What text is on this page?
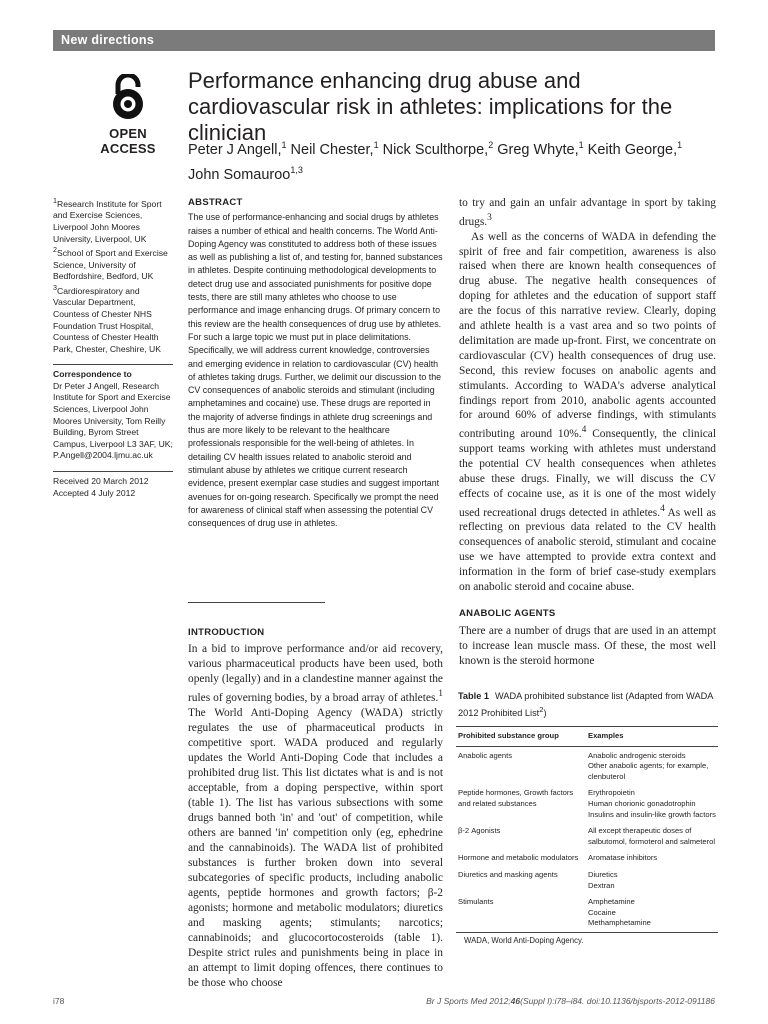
New directions
OPEN ACCESS
Performance enhancing drug abuse and cardiovascular risk in athletes: implications for the clinician
Peter J Angell,$^1$ Neil Chester,$^1$ Nick Sculthorpe,$^2$ Greg Whyte,$^1$ Keith George,$^1$
John Somauroo$^{1,3}$

$^1$Research Institute for Sport and Exercise Sciences, Liverpool John Moores University, Liverpool, UK

$^2$School of Sport and Exercise Science, University of Bedfordshire, Bedford, UK

$^3$Cardiorespiratory and Vascular Department, Countess of Chester NHS Foundation Trust Hospital, Countess of Chester Health Park, Chester, Cheshire, UK

Correspondence to

Dr Peter J Angell, Research Institute for Sport and Exercise Sciences, Liverpool John Moores University, Tom Reilly Building, Byrom Street Campus, Liverpool L3 3AF, UK; P.Angell@2004.ljmu.ac.uk

Received 20 March 2012

Accepted 4 July 2012

ABSTRACT

The use of performance-enhancing and social drugs by athletes raises a number of ethical and health concerns. The World Anti-Doping Agency was constituted to address both of these issues as well as publishing a list of, and testing for, banned substances in athletes. Despite continuing methodological developments to detect drug use and associated punishments for positive dope tests, there are still many athletes who choose to use performance and image enhancing drugs. Of primary concern to this review are the health consequences of drug use by athletes. For such a large topic we must put in place delimitations. Specifically, we will address current knowledge, controversies and emerging evidence in relation to cardiovascular (CV) health of athletes taking drugs. Further, we delimit our discussion to the CV consequences of anabolic steroids and stimulant (including amphetamines and cocaine) use. These drugs are reported in the majority of adverse findings in athlete drug screenings and thus are more likely to be relevant to the healthcare professionals responsible for the well-being of athletes. In detailing CV health issues related to anabolic steroid and stimulant abuse by athletes we critique current research evidence, present exemplar case studies and suggest important avenues for on-going research. Specifically we prompt the need for awareness of clinical staff when assessing the potential CV consequences of drug use in athletes.

INTRODUCTION

In a bid to improve performance and/or aid recovery, various pharmaceutical products have been used, both openly (legally) and in a clandestine manner against the rules of governing bodies, by a broad array of athletes.$^1$ The World Anti-Doping Agency (WADA) strictly regulates the use of pharmaceutical products in competitive sport. WADA produced and regularly updates the World Anti-Doping Code that includes a prohibited drug list. This list dictates what is and is not acceptable, from a doping perspective, within sport (table 1). The list has various subsections with some drugs banned both 'in' and 'out' of competition, while others are banned 'in' competition only (eg, ephedrine and the cannabinoids). The WADA list of prohibited substances is further broken down into several subcategories of specific products, including anabolic agents, peptide hormones and growth factors; β-2 agonists; hormone and metabolic modulators; diuretics and masking agents; stimulants; narcotics; cannabinoids; and glucocortocosteroids (table 1). Despite strict rules and punishments being in place in an attempt to limit doping offences, there continues to be those who choose

to try and gain an unfair advantage in sport by taking drugs.$^3$

As well as the concerns of WADA in defending the spirit of free and fair competition, awareness is also raised when there are known health consequences of drug abuse. The negative health consequences of doping for athletes and the education of support staff are the focus of this narrative review. Clearly, doping and athlete health is a vast area and so two points of delimitation are made up-front. First, we concentrate on cardiovascular (CV) health consequences of drug use. Second, this review focuses on anabolic agents and stimulants. According to WADA's adverse analytical findings report from 2010, anabolic agents accounted for around 60% of adverse findings, with stimulants contributing around 10%.$^4$ Consequently, the clinical support teams working with athletes must understand the potential CV health consequences when athletes abuse these drugs. Finally, we will discuss the CV effects of cocaine use, as it is one of the most widely used recreational drugs detected in athletes.$^4$ As well as reflecting on previous data related to the CV health consequences of anabolic steroid, stimulant and cocaine use we have attempted to provide extra context and information in the form of brief case-study exemplars on anabolic steroid and cocaine abuse.

ANABOLIC AGENTS

There are a number of drugs that are used in an attempt to increase lean muscle mass. Of these, the most well known is the steroid hormone

Table 1 WADA prohibited substance list (Adapted from WADA 2012 Prohibited List$^2$)

Prohibited substance group	Examples
Anabolic agents	Anabolic androgenic steroids
Other anabolic agents; for example, clenbuterol

Peptide hormones, Growth factors and related substances	Erythropoietin
Human chorionic gonadotrophin
Insulins and insulin-like growth factors

β-2 Agonists	All except therapeutic doses of salbutomol, formoterol and salmeterol

Hormone and metabolic modulators	Aromatase inhibitors

Diuretics and masking agents	Diuretics
Dextran

Stimulants	Amphetamine
Cocaine
Methamphetamine

WADA, World Anti-Doping Agency.

i78	Br J Sports Med 2012;46(Suppl I):i78–i84. doi:10.1136/bjsports-2012-091186
